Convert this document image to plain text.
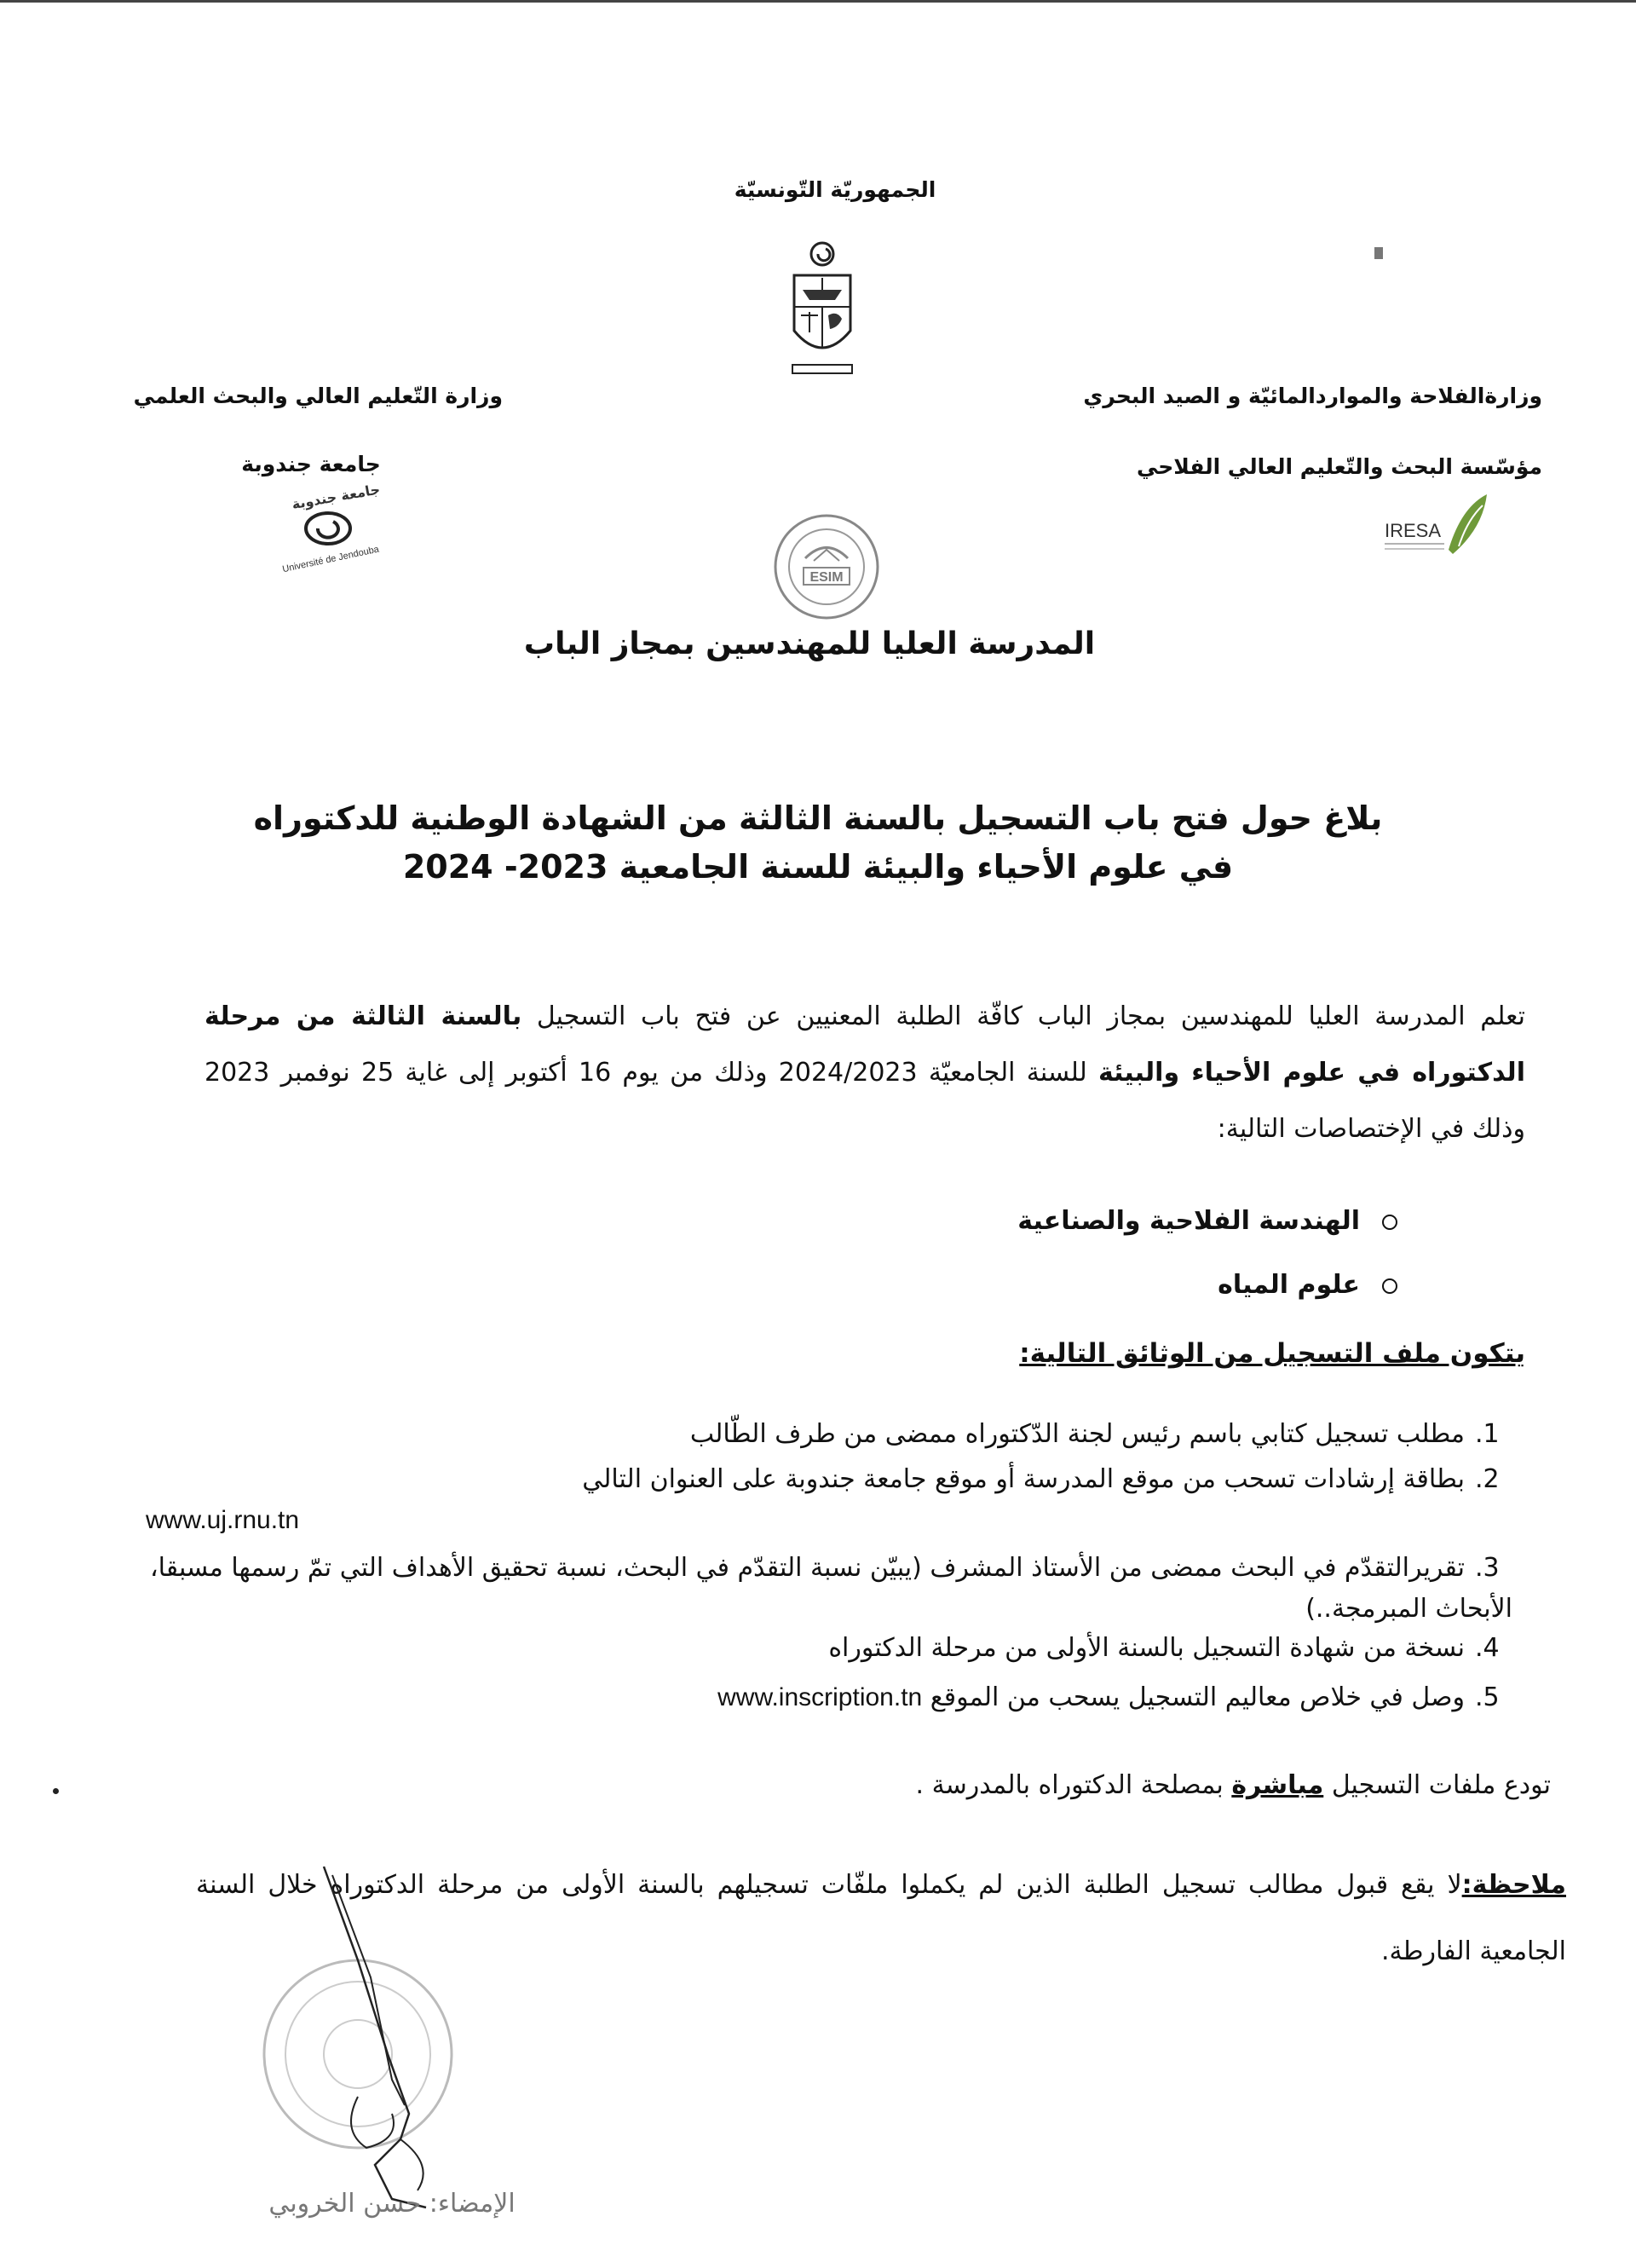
الجمهوريّة التّونسيّة
وزارةالفلاحة والمواردالمائيّة و الصيد البحري
مؤسّسة البحث والتّعليم العالي الفلاحي
وزارة التّعليم العالي والبحث العلمي
جامعة جندوبة
IRESA
جامعة جندوبة
Université de Jendouba
ESIM
المدرسة العليا للمهندسين بمجاز الباب
بلاغ حول فتح باب التسجيل بالسنة الثالثة من الشهادة الوطنية للدكتوراه
في علوم الأحياء والبيئة للسنة الجامعية 2023- 2024
تعلم المدرسة العليا للمهندسين بمجاز الباب كافّة الطلبة المعنيين عن فتح باب التسجيل بالسنة الثالثة من مرحلة الدكتوراه في علوم الأحياء والبيئة للسنة الجامعيّة 2024/2023 وذلك من يوم 16 أكتوبر إلى غاية 25 نوفمبر 2023 وذلك في الإختصاصات التالية:
الهندسة الفلاحية والصناعية
علوم المياه
يتكون ملف التسجيل من الوثائق التالية:
1.مطلب تسجيل كتابي باسم رئيس لجنة الدّكتوراه ممضى من طرف الطّالب
2.بطاقة إرشادات تسحب من موقع المدرسة أو موقع جامعة جندوبة على العنوان التالي
www.uj.rnu.tn
3.تقريرالتقدّم في البحث ممضى من الأستاذ المشرف (يبيّن نسبة التقدّم في البحث، نسبة تحقيق الأهداف التي تمّ رسمها مسبقا، الأبحاث المبرمجة..)
4.نسخة من شهادة التسجيل بالسنة الأولى من مرحلة الدكتوراه
5.وصل في خلاص معاليم التسجيل يسحب من الموقع www.inscription.tn
تودع ملفات التسجيل مباشرة بمصلحة الدكتوراه بالمدرسة .
ملاحظة:لا يقع قبول مطالب تسجيل الطلبة الذين لم يكملوا ملفّات تسجيلهم بالسنة الأولى من مرحلة الدكتوراه خلال السنة الجامعية الفارطة.
الإمضاء: حسن الخروبي
